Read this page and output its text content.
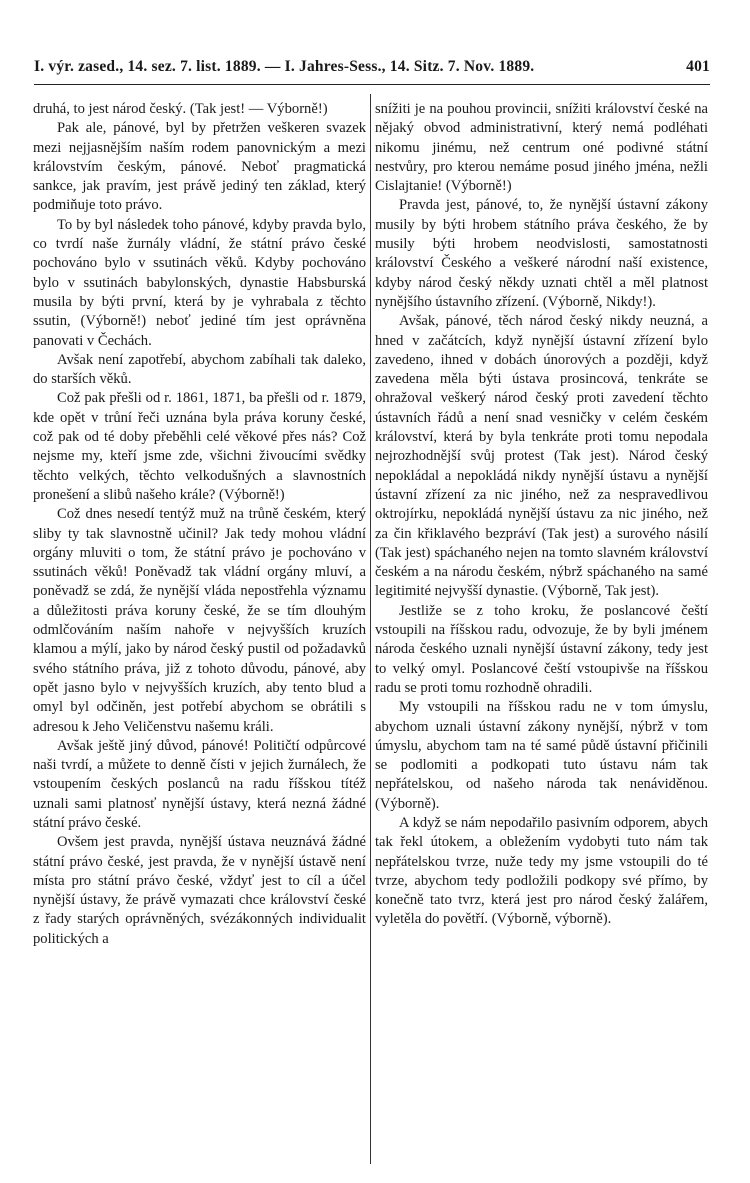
I. výr. zased., 14. sez. 7. list. 1889. — I. Jahres-Sess., 14. Sitz. 7. Nov. 1889.	401

druhá, to jest národ český. (Tak jest! — Výborně!)

Pak ale, pánové, byl by přetržen veškeren svazek mezi nejjasnějším naším rodem panovnickým a mezi královstvím českým, pánové. Neboť pragmatická sankce, jak pravím, jest právě jediný ten základ, který podmiňuje toto právo.

To by byl následek toho pánové, kdyby pravda bylo, co tvrdí naše žurnály vládní, že státní právo české pochováno bylo v ssutinách věků. Kdyby pochováno bylo v ssutinách babylonských, dynastie Habsburská musila by býti první, která by je vyhrabala z těchto ssutin, (Výborně!) neboť jediné tím jest oprávněna panovati v Čechách.

Avšak není zapotřebí, abychom zabíhali tak daleko, do starších věků.

Což pak přešli od r. 1861, 1871, ba přešli od r. 1879, kde opět v trůní řeči uznána byla práva koruny české, což pak od té doby přeběhli celé věkové přes nás? Což nejsme my, kteří jsme zde, všichni živoucími svědky těchto velkých, těchto velkodušných a slavnostních pronešení a slibů našeho krále? (Výborně!)

Což dnes nesedí tentýž muž na trůně českém, který sliby ty tak slavnostně učinil? Jak tedy mohou vládní orgány mluviti o tom, že státní právo je pochováno v ssutinách věků! Poněvadž tak vládní orgány mluví, a poněvadž se zdá, že nynější vláda nepostřehla významu a důležitosti práva koruny české, že se tím dlouhým odmlčováním naším nahoře v nejvyšších kruzích klamou a mýlí, jako by národ český pustil od požadavků svého státního práva, již z tohoto důvodu, pánové, aby opět jasno bylo v nejvyšších kruzích, aby tento blud a omyl byl odčiněn, jest potřebí abychom se obrátili s adresou k Jeho Veličenstvu našemu králi.

Avšak ještě jiný důvod, pánové! Političtí odpůrcové naši tvrdí, a můžete to denně čísti v jejich žurnálech, že vstoupením českých poslanců na radu říšskou títéž uznali sami platnosť nynější ústavy, která nezná žádné státní právo české.

Ovšem jest pravda, nynější ústava neuznává žádné státní právo české, jest pravda, že v nynější ústavě není místa pro státní právo české, vždyť jest to cíl a účel nynější ústavy, že právě vymazati chce království české z řady starých oprávněných, svézákonných individualit politických a

snížiti je na pouhou provincii, snížiti království české na nějaký obvod administrativní, který nemá podléhati nikomu jinému, než centrum oné podivné státní nestvůry, pro kterou nemáme posud jiného jména, nežli Cislajtanie! (Výborně!)

Pravda jest, pánové, to, že nynější ústavní zákony musily by býti hrobem státního práva českého, že by musily býti hrobem neodvislosti, samostatnosti království Českého a veškeré národní naší existence, kdyby národ český někdy uznati chtěl a měl platnost nynějšího ústavního zřízení. (Výborně, Nikdy!).

Avšak, pánové, těch národ český nikdy neuzná, a hned v začátcích, když nynější ústavní zřízení bylo zavedeno, ihned v dobách únorových a později, když zavedena měla býti ústava prosincová, tenkráte se ohražoval veškerý národ český proti zavedení těchto ústavních řádů a není snad vesničky v celém českém království, která by byla tenkráte proti tomu nepodala nejrozhodnější svůj protest (Tak jest). Národ český nepokládal a nepokládá nikdy nynější ústavu a nynější ústavní zřízení za nic jiného, než za nespravedlivou oktrojírku, nepokládá nynější ústavu za nic jiného, než za čin křiklavého bezpráví (Tak jest) a surového násilí (Tak jest) spáchaného nejen na tomto slavném království českém a na národu českém, nýbrž spáchaného na samé legitimité nejvyšší dynastie. (Výborně, Tak jest).

Jestliže se z toho kroku, že poslancové čeští vstoupili na říšskou radu, odvozuje, že by byli jménem národa českého uznali nynější ústavní zákony, tedy jest to velký omyl. Poslancové čeští vstoupivše na říšskou radu se proti tomu rozhodně ohradili.

My vstoupili na říšskou radu ne v tom úmyslu, abychom uznali ústavní zákony nynější, nýbrž v tom úmyslu, abychom tam na té samé půdě ústavní přičinili se podlomiti a podkopati tuto ústavu nám tak nepřátelskou, od našeho národa tak nenáviděnou. (Výborně).

A když se nám nepodařilo pasivním odporem, abych tak řekl útokem, a obležením vydobyti tuto nám tak nepřátelskou tvrze, nuže tedy my jsme vstoupili do té tvrze, abychom tedy podložili podkopy své přímo, by konečně tato tvrz, která jest pro národ český žalářem, vyletěla do povětří. (Výborně, výborně).
